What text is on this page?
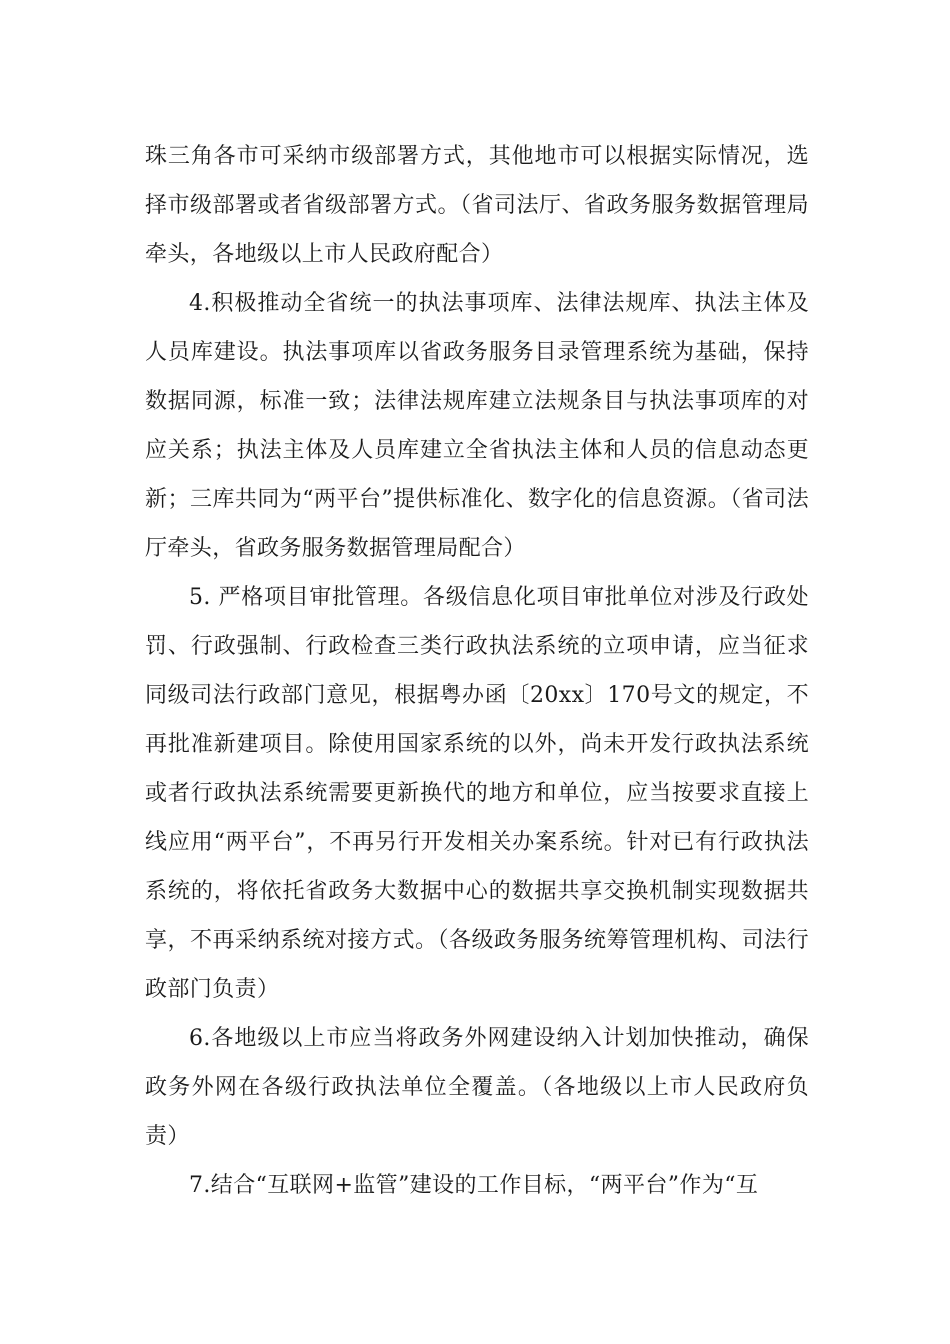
珠三角各市可采纳市级部署方式，其他地市可以根据实际情况，选择市级部署或者省级部署方式。（省司法厅、省政务服务数据管理局牵头，各地级以上市人民政府配合）

4.积极推动全省统一的执法事项库、法律法规库、执法主体及人员库建设。执法事项库以省政务服务目录管理系统为基础，保持数据同源，标准一致；法律法规库建立法规条目与执法事项库的对应关系；执法主体及人员库建立全省执法主体和人员的信息动态更新；三库共同为“两平台”提供标准化、数字化的信息资源。（省司法厅牵头，省政务服务数据管理局配合）

5. 严格项目审批管理。各级信息化项目审批单位对涉及行政处罚、行政强制、行政检查三类行政执法系统的立项申请，应当征求同级司法行政部门意见，根据粤办函〔20xx〕170号文的规定，不再批准新建项目。除使用国家系统的以外，尚未开发行政执法系统或者行政执法系统需要更新换代的地方和单位，应当按要求直接上线应用“两平台”，不再另行开发相关办案系统。针对已有行政执法系统的，将依托省政务大数据中心的数据共享交换机制实现数据共享，不再采纳系统对接方式。（各级政务服务统筹管理机构、司法行政部门负责）

6.各地级以上市应当将政务外网建设纳入计划加快推动，确保政务外网在各级行政执法单位全覆盖。（各地级以上市人民政府负责）

7.结合“互联网+监管”建设的工作目标，“两平台”作为“互
